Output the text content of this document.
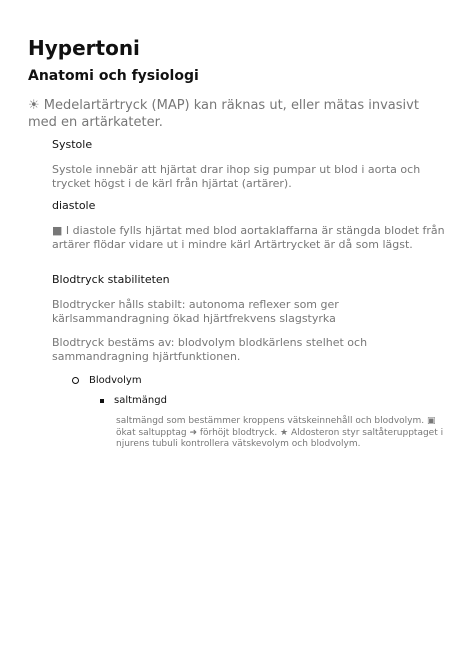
Hypertoni
Anatomi och fysiologi
☀ Medelartärtryck (MAP) kan räknas ut, eller mätas invasivt med en artärkateter.
Systole
Systole innebär att hjärtat drar ihop sig pumpar ut blod i aorta och trycket högst i de kärl från hjärtat (artärer).
diastole
■ I diastole fylls hjärtat med blod aortaklaffarna är stängda blodet från artärer flödar vidare ut i mindre kärl Artärtrycket är då som lägst.
Blodtryck stabiliteten
Blodtrycker hålls stabilt: autonoma reflexer som ger kärlsammandragning ökad hjärtfrekvens slagstyrka
Blodtryck bestäms av: blodvolym blodkärlens stelhet och sammandragning hjärtfunktionen.
Blodvolym
saltmängd
saltmängd som bestämmer kroppens vätskeinnehåll och blodvolym. ▣ ökat saltupptag ➜ förhöjt blodtryck. ★ Aldosteron styr saltåterupptaget i njurens tubuli kontrollera vätskevolym och blodvolym.
